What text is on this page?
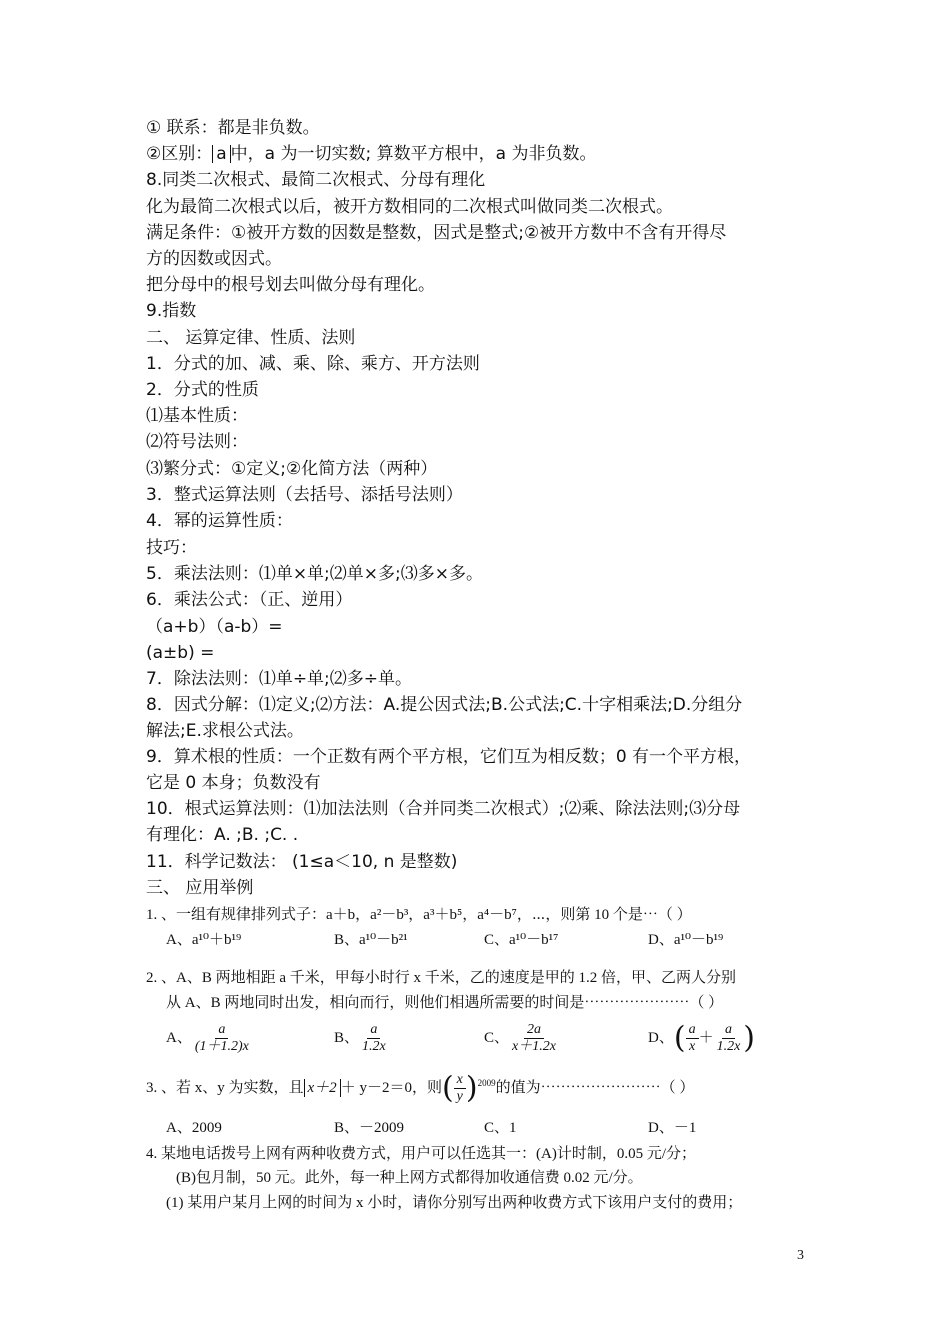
① 联系：都是非负数。
②区别： a 中，a 为一切实数; 算数平方根中，a 为非负数。
8.同类二次根式、最简二次根式、分母有理化
化为最简二次根式以后，被开方数相同的二次根式叫做同类二次根式。
满足条件：①被开方数的因数是整数，因式是整式;②被开方数中不含有开得尽
方的因数或因式。
把分母中的根号划去叫做分母有理化。
9.指数
二、 运算定律、性质、法则
1．分式的加、减、乘、除、乘方、开方法则
2．分式的性质
⑴基本性质：
⑵符号法则：
⑶繁分式：①定义;②化简方法（两种）
3．整式运算法则（去括号、添括号法则）
4．幂的运算性质：
技巧：
5．乘法法则：⑴单×单;⑵单×多;⑶多×多。
6．乘法公式：（正、逆用）
（a+b）（a-b）=
(a±b) =
7．除法法则：⑴单÷单;⑵多÷单。
8．因式分解：⑴定义;⑵方法：A.提公因式法;B.公式法;C.十字相乘法;D.分组分
解法;E.求根公式法。
9．算术根的性质：一个正数有两个平方根，它们互为相反数；0 有一个平方根，
它是 0 本身；负数没有
10．根式运算法则：⑴加法法则（合并同类二次根式）;⑵乘、除法法则;⑶分母
有理化：A. ;B. ;C. .
11．科学记数法： (1≤a＜10, n 是整数)
三、 应用举例
1. 、一组有规律排列式子：a＋b，a²－b³，a³＋b⁵，a⁴－b⁷，⋯，则第 10 个是⋯（ ）
A、a¹⁰＋b¹⁹	B、a¹⁰－b²¹	C、a¹⁰－b¹⁷	D、a¹⁰－b¹⁹
2. 、A、B 两地相距 a 千米，甲每小时行 x 千米，乙的速度是甲的 1.2 倍，甲、乙两人分别
从 A、B 两地同时出发，相向而行，则他们相遇所需要的时间是⋯⋯⋯⋯⋯⋯⋯（ ）
A、 $\frac{a}{(1+1.2)x}$	B、 $\frac{a}{1.2x}$	C、 $\frac{2a}{x+1.2x}$	D、( $\frac{a}{x} + \frac{a}{1.2x}$ )
3. 、若 x、y 为实数，且 x＋2 ＋ y－2＝0，则( $\frac{x}{y} )^{2009}$的值为⋯⋯⋯⋯⋯⋯⋯⋯（ ）
A、2009	B、－2009	C、1	D、－1
4. 某地电话拨号上网有两种收费方式，用户可以任选其一：(A)计时制，0.05 元/分；
(B)包月制，50 元。此外，每一种上网方式都得加收通信费 0.02 元/分。
(1) 某用户某月上网的时间为 x 小时，请你分别写出两种收费方式下该用户支付的费用；
3
